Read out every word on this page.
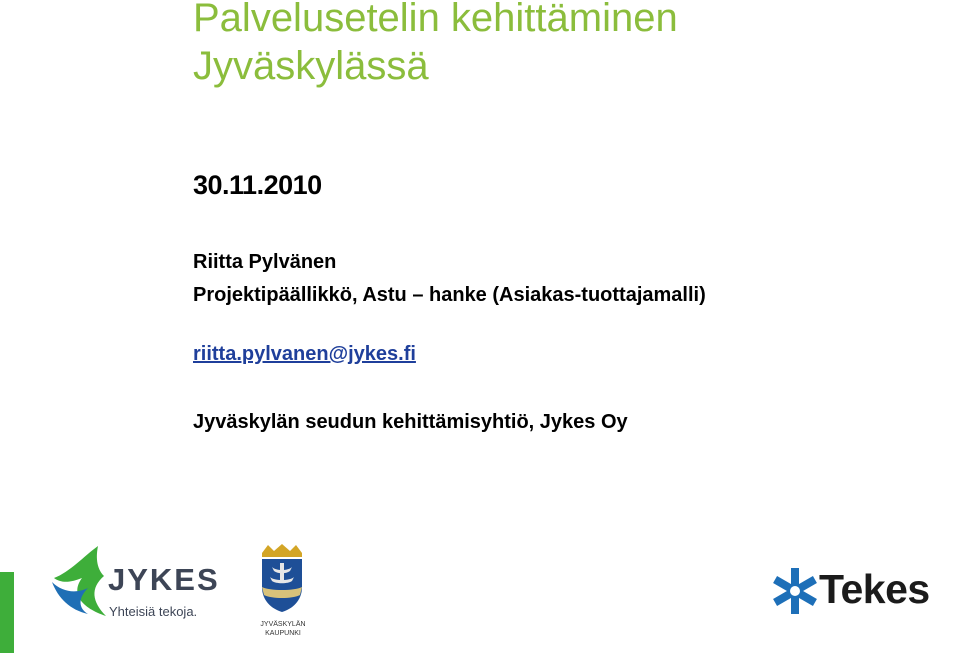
Palvelusetelin kehittäminen
Jyväskylässä
30.11.2010
Riitta Pylvänen
Projektipäällikkö, Astu – hanke (Asiakas-tuottajamalli)
riitta.pylvanen@jykes.fi
Jyväskylän seudun kehittämisyhtiö, Jykes Oy
JYKES
Yhteisiä tekoja.
JYVÄSKYLÄN
KAUPUNKI
Tekes
